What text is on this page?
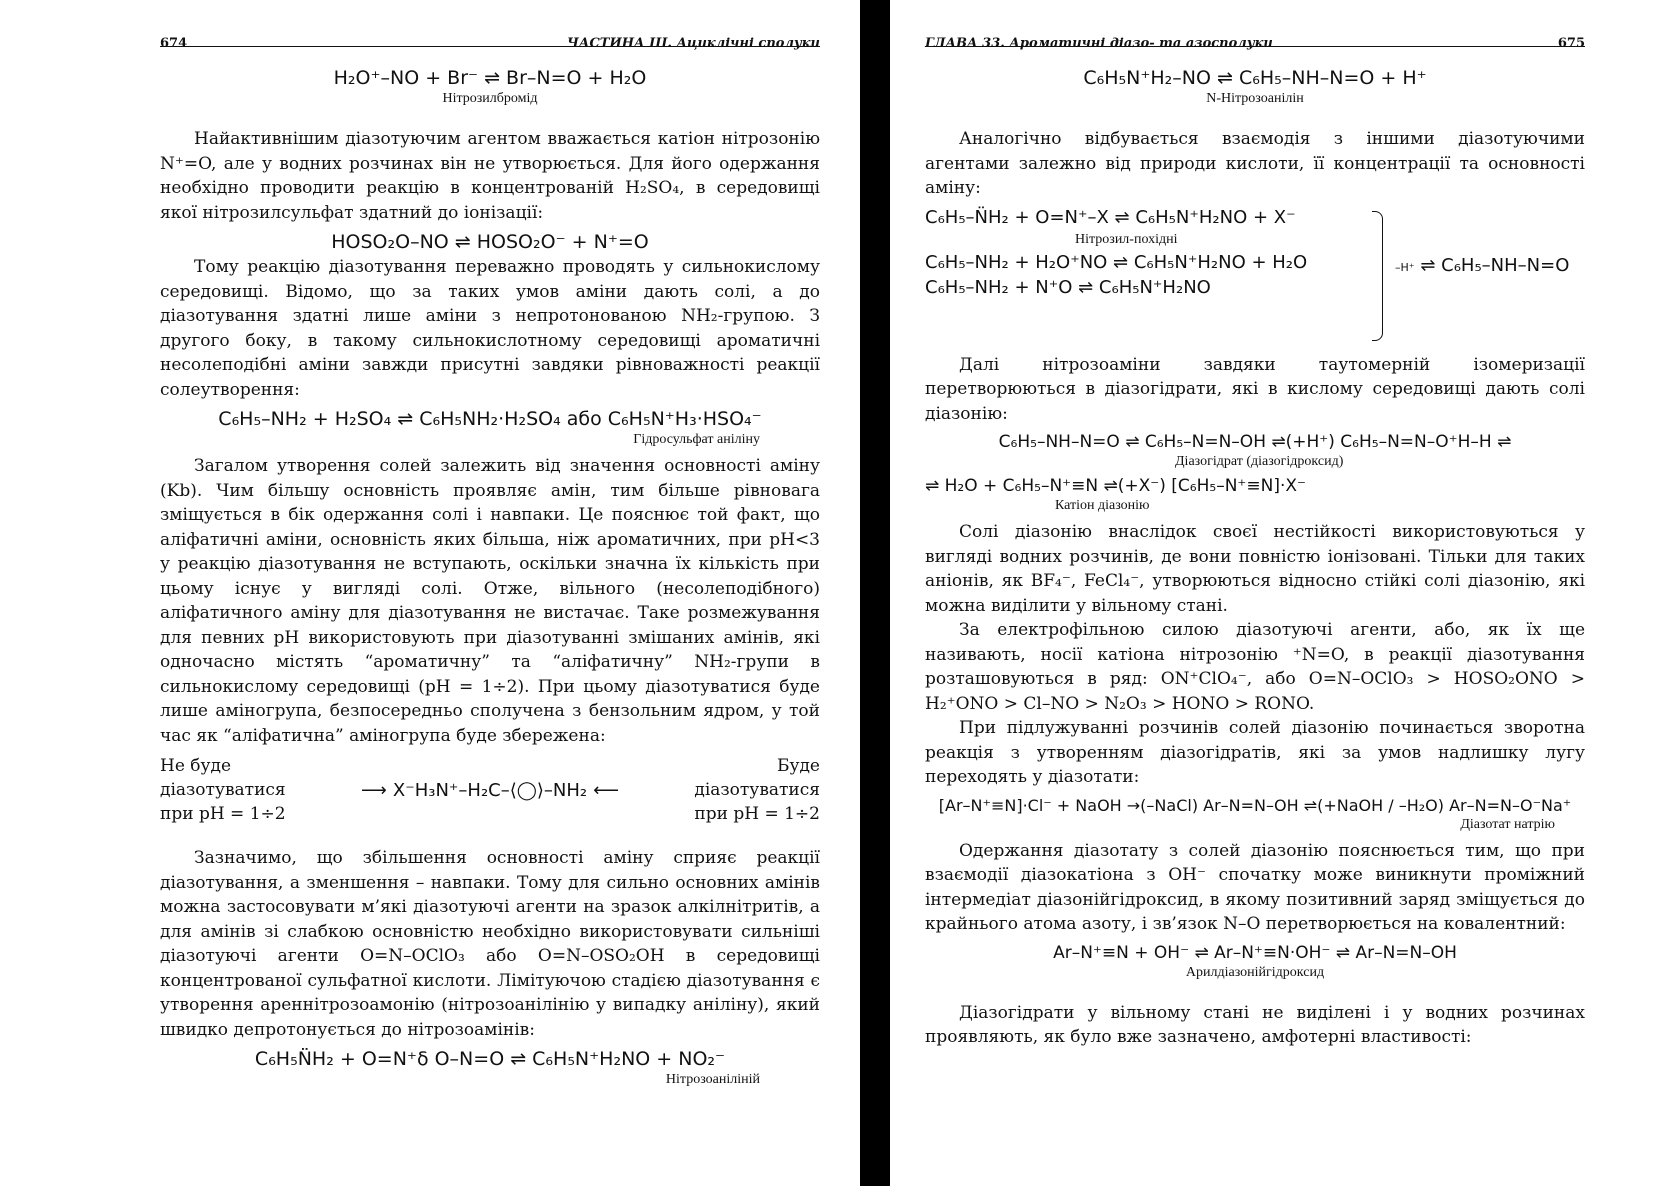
674	ЧАСТИНА ІІІ. Ациклічні сполуки
H₂O⁺–NO + Br⁻ ⇌ Br–N=O + H₂O
Нітрозилбромід

Найактивнішим діазотуючим агентом вважається катіон нітрозонію N⁺=O, але у водних розчинах він не утворюється. Для його одержання необхідно проводити реакцію в концентрованій H₂SO₄, в середовищі якої нітрозилсульфат здатний до іонізації:

HOSO₂O–NO ⇌ HOSO₂O⁻ + N⁺=O

Тому реакцію діазотування переважно проводять у сильнокислому середовищі. Відомо, що за таких умов аміни дають солі, а до діазотування здатні лише аміни з непротонованою NH₂-групою. З другого боку, в такому сильнокислотному середовищі ароматичні несолеподібні аміни завжди присутні завдяки рівноважності реакції солеутворення:

C₆H₅–NH₂ + H₂SO₄ ⇌ C₆H₅NH₂·H₂SO₄ або C₆H₅N⁺H₃·HSO₄⁻
Гідросульфат аніліну

Загалом утворення солей залежить від значення основності аміну (Kb). Чим більшу основність проявляє амін, тим більше рівновага зміщується в бік одержання солі і навпаки. Це пояснює той факт, що аліфатичні аміни, основність яких більша, ніж ароматичних, при pH<3 у реакцію діазотування не вступають, оскільки значна їх кількість при цьому існує у вигляді солі. Отже, вільного (несолеподібного) аліфатичного аміну для діазотування не вистачає. Таке розмежування для певних pH використовують при діазотуванні змішаних амінів, які одночасно містять “ароматичну” та “аліфатичну” NH₂-групи в сильнокислому середовищі (pH = 1÷2). При цьому діазотуватися буде лише аміногрупа, безпосередньо сполучена з бензольним ядром, у той час як “аліфатична” аміногрупа буде збережена:

Не буде діазотуватися при pH = 1÷2
⟶ X⁻H₃N⁺–H₂C–⟨◯⟩–NH₂ ⟵
Буде діазотуватися при pH = 1÷2

Зазначимо, що збільшення основності аміну сприяє реакції діазотування, а зменшення – навпаки. Тому для сильно основних амінів можна застосовувати м’які діазотуючі агенти на зразок алкілнітритів, а для амінів зі слабкою основністю необхідно використовувати сильніші діазотуючі агенти O=N–OClO₃ або O=N–OSO₂OH в середовищі концентрованої сульфатної кислоти. Лімітуючою стадією діазотування є утворення ареннітрозоамонію (нітрозоанілінію у випадку аніліну), який швидко депротонується до нітрозоамінів:

C₆H₅N̈H₂ + O=N⁺δ O–N=O ⇌ C₆H₅N⁺H₂NO + NO₂⁻
Нітрозоанілінiй
ГЛАВА 33. Ароматичні діазо- та азосполуки	675
C₆H₅N⁺H₂–NO ⇌ C₆H₅–NH–N=O + H⁺
N-Нітрозоанілін

Аналогічно відбувається взаємодія з іншими діазотуючими агентами залежно від природи кислоти, її концентрації та основності аміну:

C₆H₅–N̈H₂ + O=N⁺–X ⇌ C₆H₅N⁺H₂NO + X⁻
Нітрозил-похідні
C₆H₅–NH₂ + H₂O⁺NO ⇌ C₆H₅N⁺H₂NO + H₂O
C₆H₅–NH₂ + N⁺O ⇌ C₆H₅N⁺H₂NO
–H⁺ ⇌ C₆H₅–NH–N=O

Далі нітрозоаміни завдяки таутомерній ізомеризації перетворюються в діазогідрати, які в кислому середовищі дають солі діазонію:

C₆H₅–NH–N=O ⇌ C₆H₅–N=N–OH ⇌(+H⁺) C₆H₅–N=N–O⁺H–H ⇌
Діазогідрат (діазогідроксид)
⇌ H₂O + C₆H₅–N⁺≡N ⇌(+X⁻) [C₆H₅–N⁺≡N]·X⁻
Катіон діазонію

Солі діазонію внаслідок своєї нестійкості використовуються у вигляді водних розчинів, де вони повністю іонізовані. Тільки для таких аніонів, як BF₄⁻, FeCl₄⁻, утворюються відносно стійкі солі діазонію, які можна виділити у вільному стані.

За електрофільною силою діазотуючі агенти, або, як їх ще називають, носії катіона нітрозонію ⁺N=O, в реакції діазотування розташовуються в ряд: ON⁺ClO₄⁻, або O=N–OClO₃ > HOSO₂ONO > H₂⁺ONO > Cl–NO > N₂O₃ > HONO > RONO.

При підлужуванні розчинів солей діазонію починається зворотна реакція з утворенням діазогідратів, які за умов надлишку лугу переходять у діазотати:

[Ar–N⁺≡N]·Cl⁻ + NaOH →(–NaCl) Ar–N=N–OH ⇌(+NaOH / –H₂O) Ar–N=N–O⁻Na⁺
Діазотат натрію

Одержання діазотату з солей діазонію пояснюється тим, що при взаємодії діазокатіона з OH⁻ спочатку може виникнути проміжний інтермедіат діазонійгідроксид, в якому позитивний заряд зміщується до крайнього атома азоту, і зв’язок N–O перетворюється на ковалентний:

Ar–N⁺≡N + OH⁻ ⇌ Ar–N⁺≡N·OH⁻ ⇌ Ar–N=N–OH
Арилдіазонійгідроксид

Діазогідрати у вільному стані не виділені і у водних розчинах проявляють, як було вже зазначено, амфотерні властивості:
